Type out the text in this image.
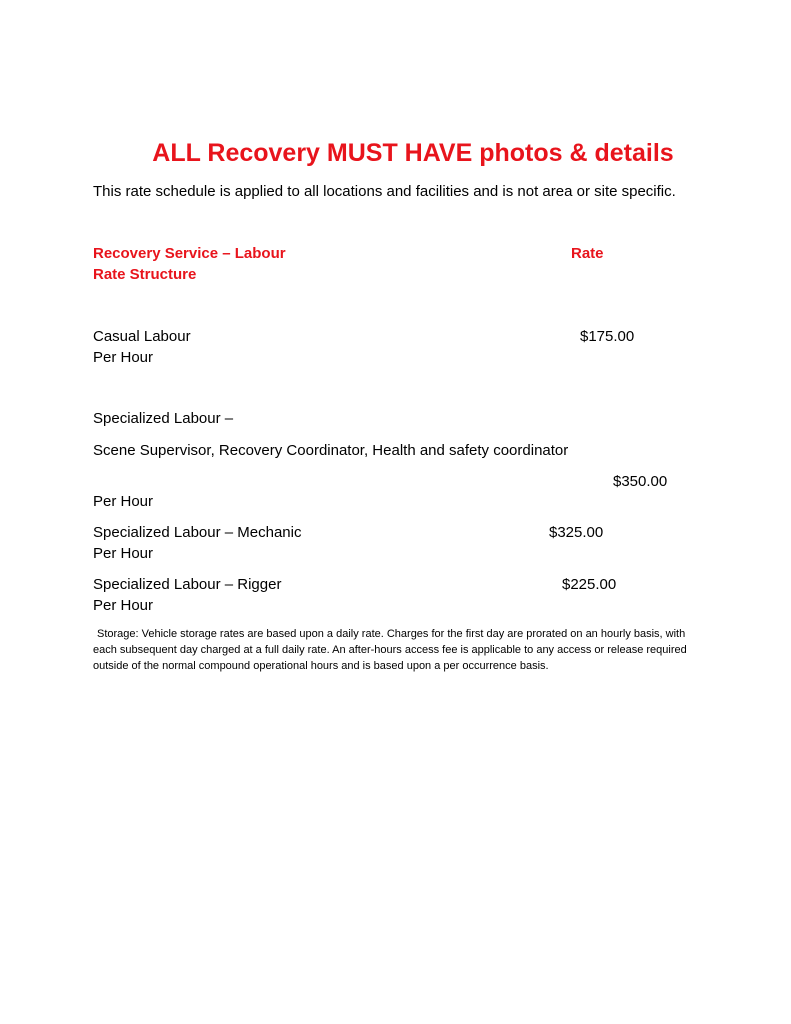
ALL Recovery MUST HAVE photos & details
This rate schedule is applied to all locations and facilities and is not area or site specific.
Recovery Service – Labour
Rate Structure
Rate
Casual Labour	$175.00
Per Hour
Specialized Labour –
Scene Supervisor, Recovery Coordinator, Health and safety coordinator
$350.00
Per Hour
Specialized Labour – Mechanic	$325.00
Per Hour
Specialized Labour – Rigger	$225.00
Per Hour
Storage: Vehicle storage rates are based upon a daily rate. Charges for the first day are prorated on an hourly basis, with each subsequent day charged at a full daily rate. An after-hours access fee is applicable to any access or release required outside of the normal compound operational hours and is based upon a per occurrence basis.
